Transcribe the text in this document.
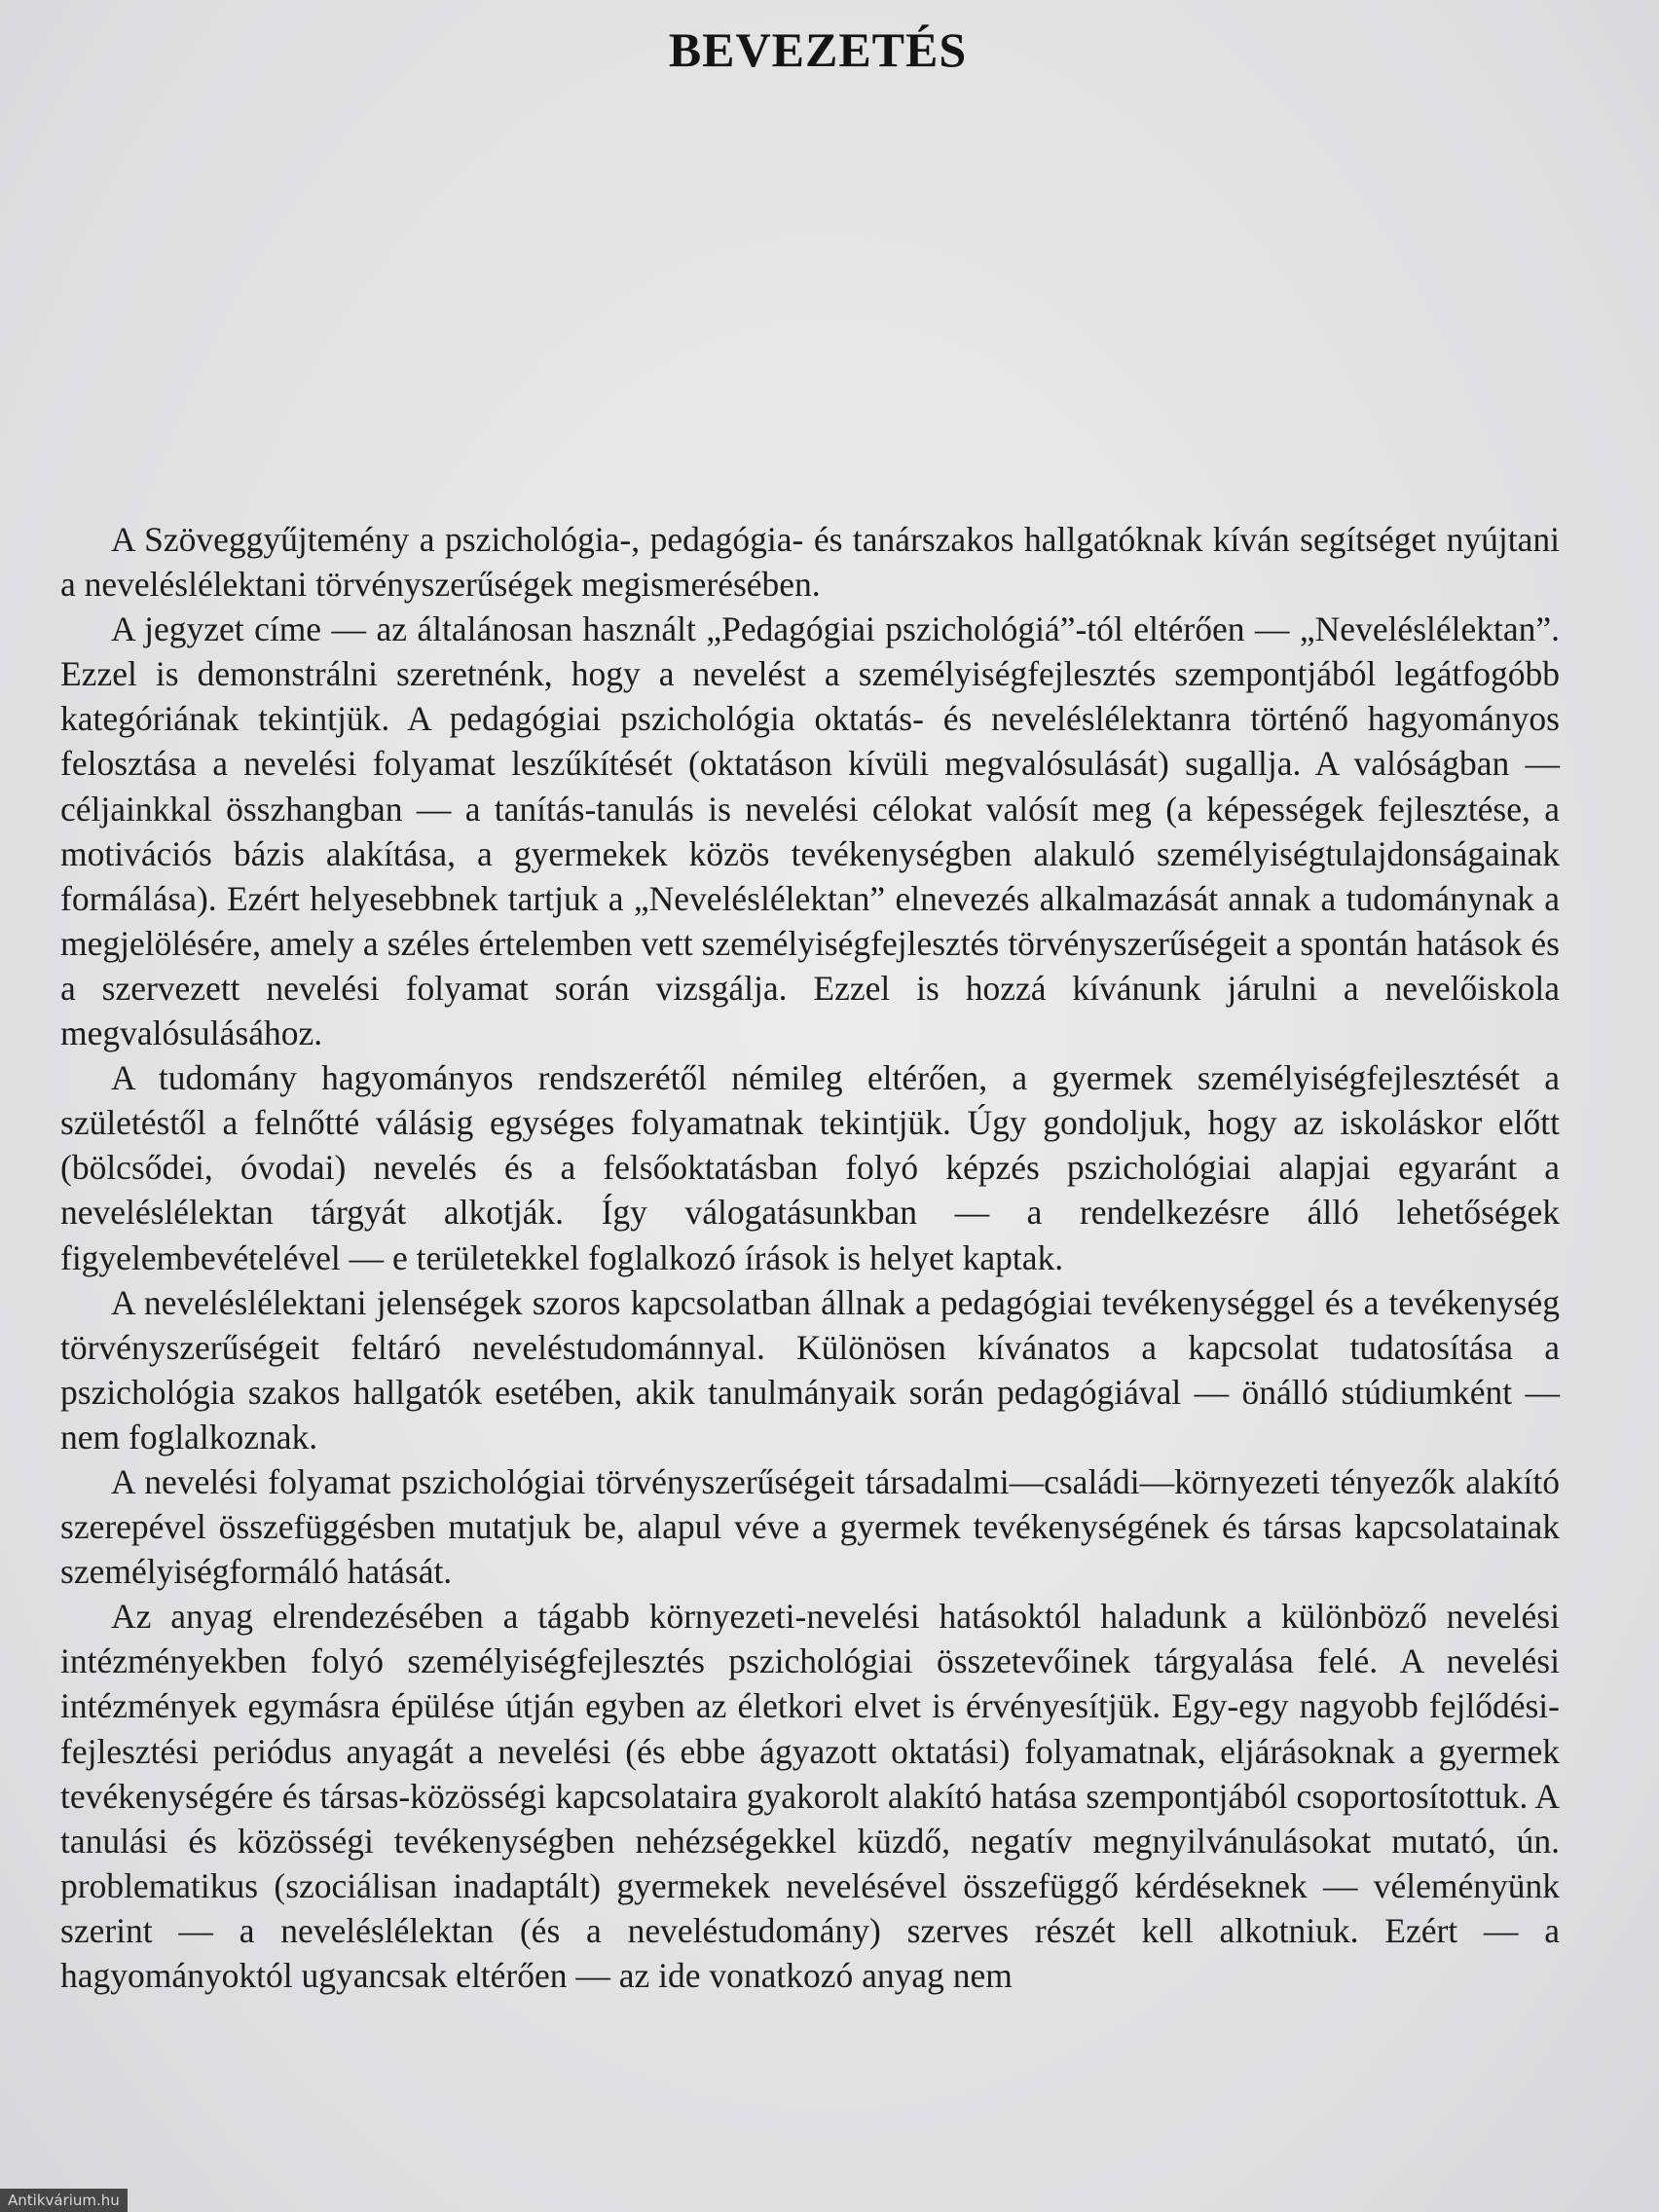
BEVEZETÉS

A Szöveggyűjtemény a pszichológia-, pedagógia- és tanárszakos hallgatóknak kíván segítséget nyújtani a neveléslélektani törvényszerűségek megismerésében.

A jegyzet címe — az általánosan használt „Pedagógiai pszichológiá”-tól eltérően — „Neveléslélektan”. Ezzel is demonstrálni szeretnénk, hogy a nevelést a személyiségfejlesztés szempontjából legátfogóbb kategóriának tekintjük. A pedagógiai pszichológia oktatás- és neveléslélektanra történő hagyományos felosztása a nevelési folyamat leszűkítését (oktatáson kívüli megvalósulását) sugallja. A valóságban — céljainkkal összhangban — a tanítás-tanulás is nevelési célokat valósít meg (a képességek fejlesztése, a motivációs bázis alakítása, a gyermekek közös tevékenységben alakuló személyiségtulajdonságainak formálása). Ezért helyesebbnek tartjuk a „Neveléslélektan” elnevezés alkalmazását annak a tudománynak a megjelölésére, amely a széles értelemben vett személyiségfejlesztés törvényszerűségeit a spontán hatások és a szervezett nevelési folyamat során vizsgálja. Ezzel is hozzá kívánunk járulni a nevelőiskola megvalósulásához.

A tudomány hagyományos rendszerétől némileg eltérően, a gyermek személyiségfejlesztését a születéstől a felnőtté válásig egységes folyamatnak tekintjük. Úgy gondoljuk, hogy az iskoláskor előtt (bölcsődei, óvodai) nevelés és a felsőoktatásban folyó képzés pszichológiai alapjai egyaránt a neveléslélektan tárgyát alkotják. Így válogatásunkban — a rendelkezésre álló lehetőségek figyelembevételével — e területekkel foglalkozó írások is helyet kaptak.

A neveléslélektani jelenségek szoros kapcsolatban állnak a pedagógiai tevékenységgel és a tevékenység törvényszerűségeit feltáró neveléstudománnyal. Különösen kívánatos a kapcsolat tudatosítása a pszichológia szakos hallgatók esetében, akik tanulmányaik során pedagógiával — önálló stúdiumként — nem foglalkoznak.

A nevelési folyamat pszichológiai törvényszerűségeit társadalmi—családi—környezeti tényezők alakító szerepével összefüggésben mutatjuk be, alapul véve a gyermek tevékenységének és társas kapcsolatainak személyiségformáló hatását.

Az anyag elrendezésében a tágabb környezeti-nevelési hatásoktól haladunk a különböző nevelési intézményekben folyó személyiségfejlesztés pszichológiai összetevőinek tárgyalása felé. A nevelési intézmények egymásra épülése útján egyben az életkori elvet is érvényesítjük. Egy-egy nagyobb fejlődési-fejlesztési periódus anyagát a nevelési (és ebbe ágyazott oktatási) folyamatnak, eljárásoknak a gyermek tevékenységére és társas-közösségi kapcsolataira gyakorolt alakító hatása szempontjából csoportosítottuk. A tanulási és közösségi tevékenységben nehézségekkel küzdő, negatív megnyilvánulásokat mutató, ún. problematikus (szociálisan inadaptált) gyermekek nevelésével összefüggő kérdéseknek — véleményünk szerint — a neveléslélektan (és a neveléstudomány) szerves részét kell alkotniuk. Ezért — a hagyományoktól ugyancsak eltérően — az ide vonatkozó anyag nem

Antikvárium.hu
